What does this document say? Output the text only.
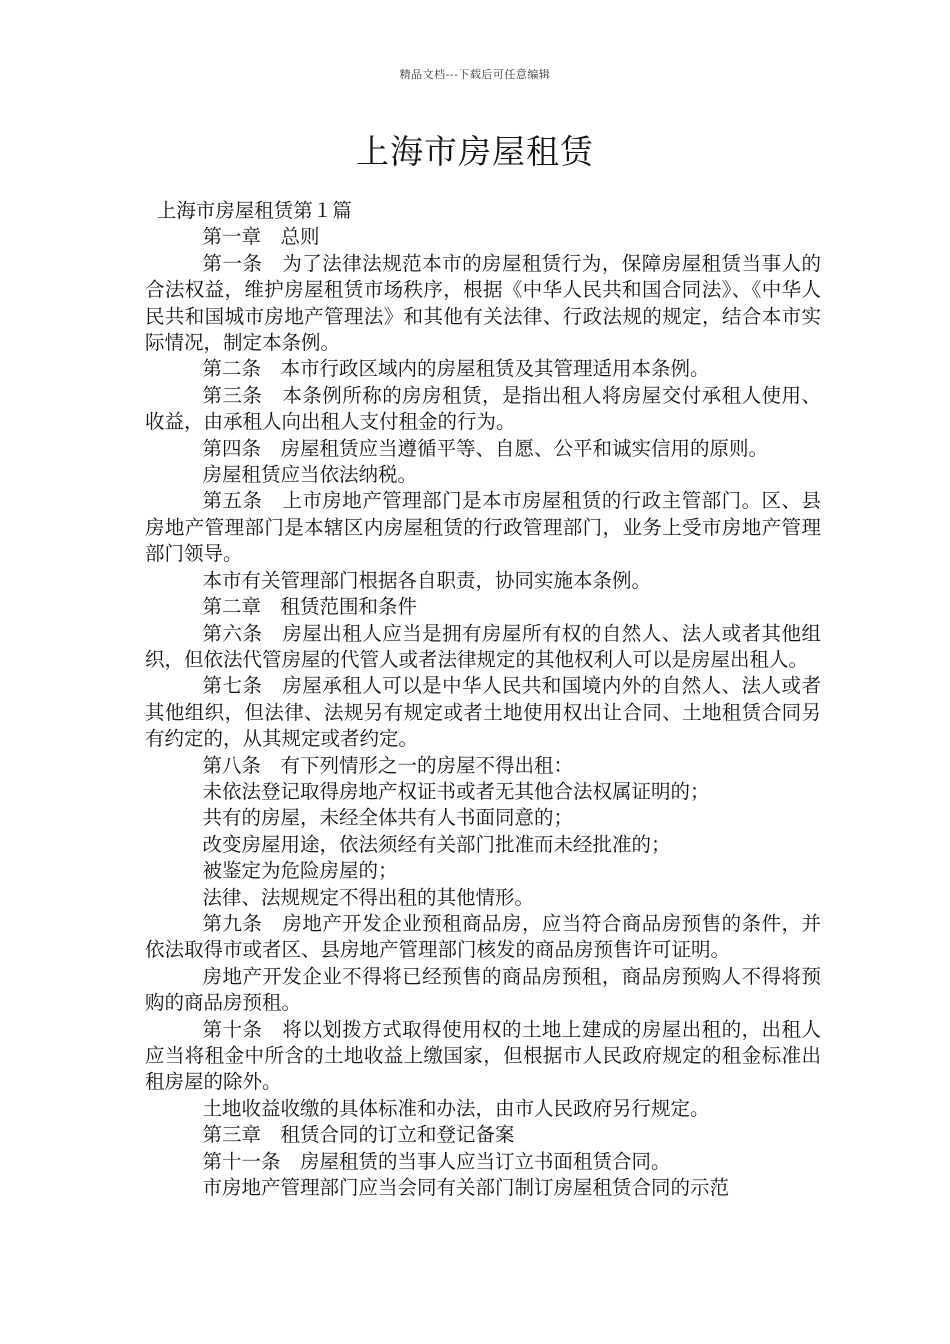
精品文档---下载后可任意编辑
上海市房屋租赁

上海市房屋租赁第１篇

第一章　总则

第一条　为了法律法规范本市的房屋租赁行为，保障房屋租赁当事人的合法权益，维护房屋租赁市场秩序，根据《中华人民共和国合同法》、《中华人民共和国城市房地产管理法》和其他有关法律、行政法规的规定，结合本市实际情况，制定本条例。

第二条　本市行政区域内的房屋租赁及其管理适用本条例。

第三条　本条例所称的房房租赁，是指出租人将房屋交付承租人使用、收益，由承租人向出租人支付租金的行为。

第四条　房屋租赁应当遵循平等、自愿、公平和诚实信用的原则。

房屋租赁应当依法纳税。

第五条　上市房地产管理部门是本市房屋租赁的行政主管部门。区、县房地产管理部门是本辖区内房屋租赁的行政管理部门，业务上受市房地产管理部门领导。

本市有关管理部门根据各自职责，协同实施本条例。

第二章　租赁范围和条件

第六条　房屋出租人应当是拥有房屋所有权的自然人、法人或者其他组织，但依法代管房屋的代管人或者法律规定的其他权利人可以是房屋出租人。

第七条　房屋承租人可以是中华人民共和国境内外的自然人、法人或者其他组织，但法律、法规另有规定或者土地使用权出让合同、土地租赁合同另有约定的，从其规定或者约定。

第八条　有下列情形之一的房屋不得出租：

未依法登记取得房地产权证书或者无其他合法权属证明的；

共有的房屋，未经全体共有人书面同意的；

改变房屋用途，依法须经有关部门批准而未经批准的；

被鉴定为危险房屋的；

法律、法规规定不得出租的其他情形。

第九条　房地产开发企业预租商品房，应当符合商品房预售的条件，并依法取得市或者区、县房地产管理部门核发的商品房预售许可证明。

房地产开发企业不得将已经预售的商品房预租，商品房预购人不得将预购的商品房预租。

第十条　将以划拨方式取得使用权的土地上建成的房屋出租的，出租人应当将租金中所含的土地收益上缴国家，但根据市人民政府规定的租金标准出租房屋的除外。

土地收益收缴的具体标准和办法，由市人民政府另行规定。

第三章　租赁合同的订立和登记备案

第十一条　房屋租赁的当事人应当订立书面租赁合同。

市房地产管理部门应当会同有关部门制订房屋租赁合同的示范
